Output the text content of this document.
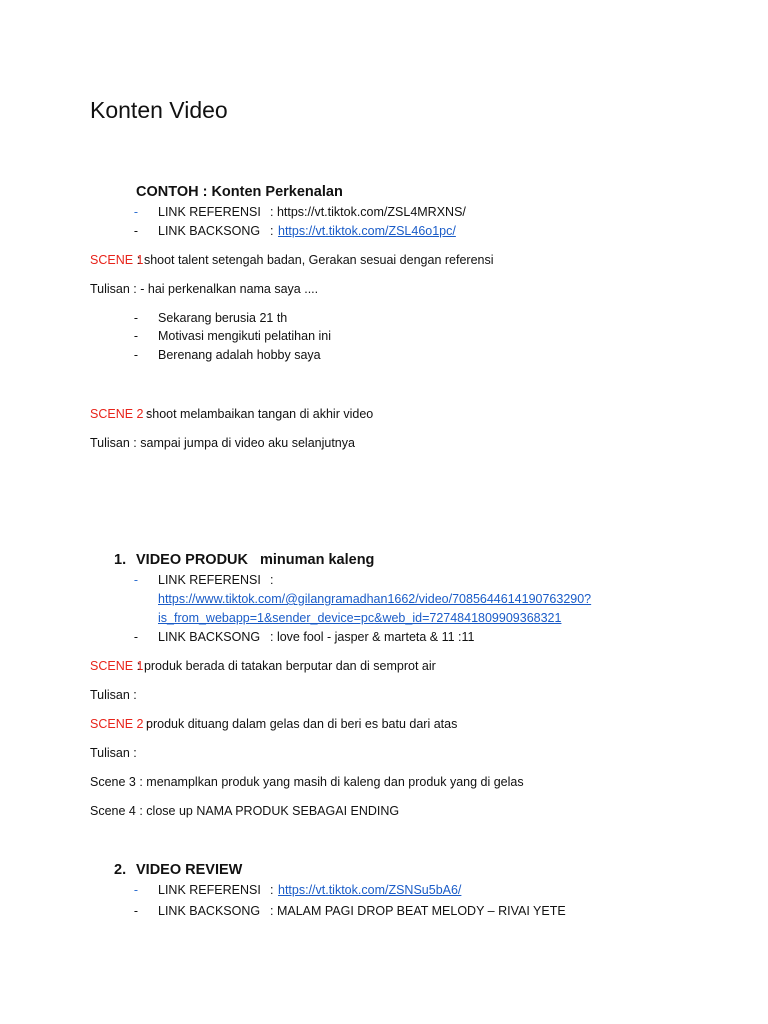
Konten Video
CONTOH : Konten Perkenalan
-	LINK REFERENSI : https://vt.tiktok.com/ZSL4MRXNS/
-	LINK BACKSONG : https://vt.tiktok.com/ZSL46o1pc/
SCENE 1
: shoot talent setengah badan, Gerakan sesuai dengan referensi
Tulisan : - hai perkenalkan nama saya ....
-	Sekarang berusia 21 th
-	Motivasi mengikuti pelatihan ini
-	Berenang adalah hobby saya
SCENE 2 :
shoot melambaikan tangan di akhir video
Tulisan : sampai jumpa di video aku selanjutnya
1. VIDEO PRODUK minuman kaleng
-	LINK REFERENSI :
https://www.tiktok.com/@gilangramadhan1662/video/7085644614190763290?
is_from_webapp=1&sender_device=pc&web_id=7274841809909368321
-	LINK BACKSONG : love fool - jasper & marteta & 11 :11
SCENE 1
: produk berada di tatakan berputar dan di semprot air
Tulisan :
SCENE 2 :
produk dituang dalam gelas dan di beri es batu dari atas
Tulisan :
Scene 3 : menamplkan produk yang masih di kaleng dan produk yang di gelas
Scene 4 : close up NAMA PRODUK SEBAGAI ENDING
2. VIDEO REVIEW
-	LINK REFERENSI : https://vt.tiktok.com/ZSNSu5bA6/
-	LINK BACKSONG : MALAM PAGI DROP BEAT MELODY – RIVAI YETE
